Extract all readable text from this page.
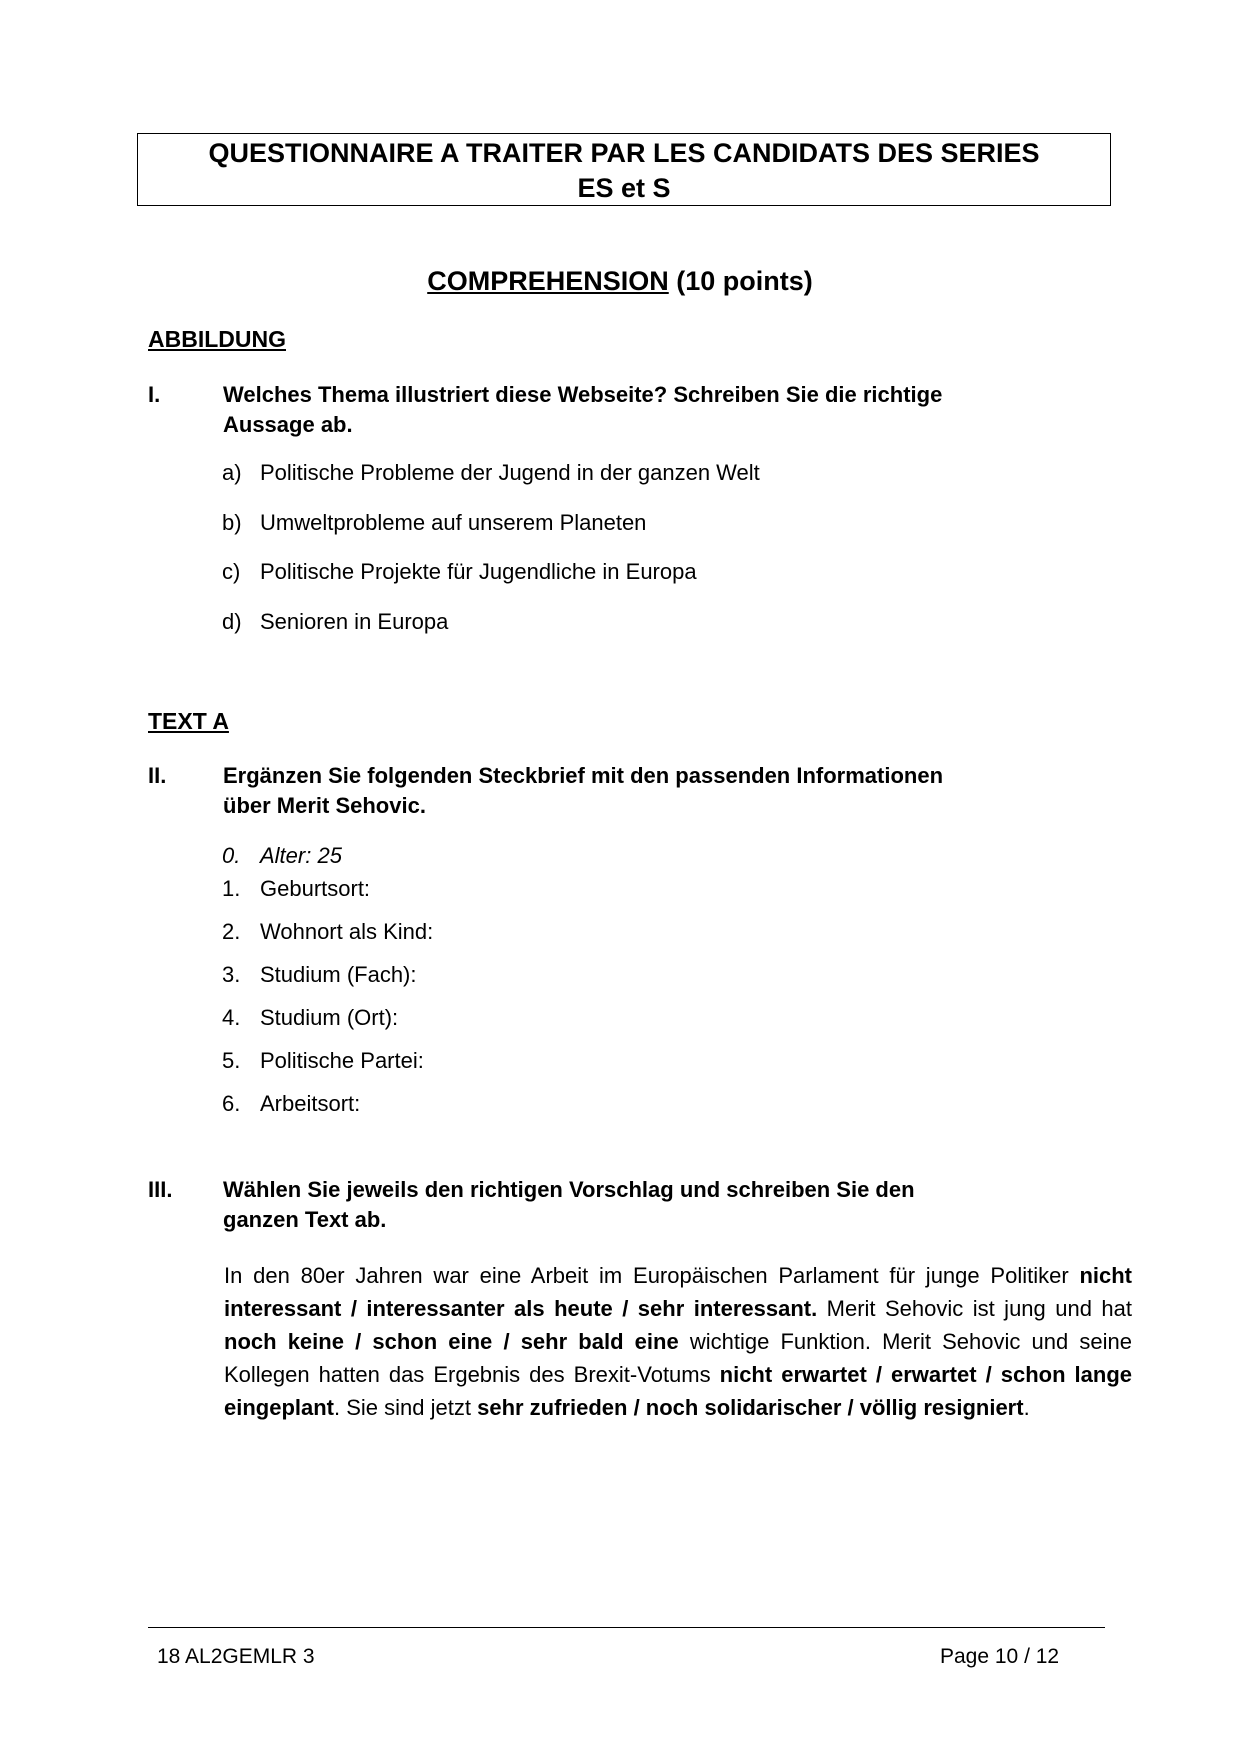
QUESTIONNAIRE A TRAITER PAR LES CANDIDATS DES SERIES
ES et S
COMPREHENSION (10 points)
ABBILDUNG
I.	Welches Thema illustriert diese Webseite? Schreiben Sie die richtige
Aussage ab.
a) Politische Probleme der Jugend in der ganzen Welt
b) Umweltprobleme auf unserem Planeten
c) Politische Projekte für Jugendliche in Europa
d) Senioren in Europa
TEXT A
II.	Ergänzen Sie folgenden Steckbrief mit den passenden Informationen
über Merit Sehovic.
0. Alter: 25
1. Geburtsort:
2. Wohnort als Kind:
3. Studium (Fach):
4. Studium (Ort):
5. Politische Partei:
6. Arbeitsort:
III. Wählen Sie jeweils den richtigen Vorschlag und schreiben Sie den
ganzen Text ab.
In den 80er Jahren war eine Arbeit im Europäischen Parlament für junge Politiker nicht interessant / interessanter als heute / sehr interessant. Merit Sehovic ist jung und hat noch keine / schon eine / sehr bald eine wichtige Funktion. Merit Sehovic und seine Kollegen hatten das Ergebnis des Brexit-Votums nicht erwartet / erwartet / schon lange eingeplant. Sie sind jetzt sehr zufrieden / noch solidarischer / völlig resigniert.
18 AL2GEMLR 3	Page 10 / 12
